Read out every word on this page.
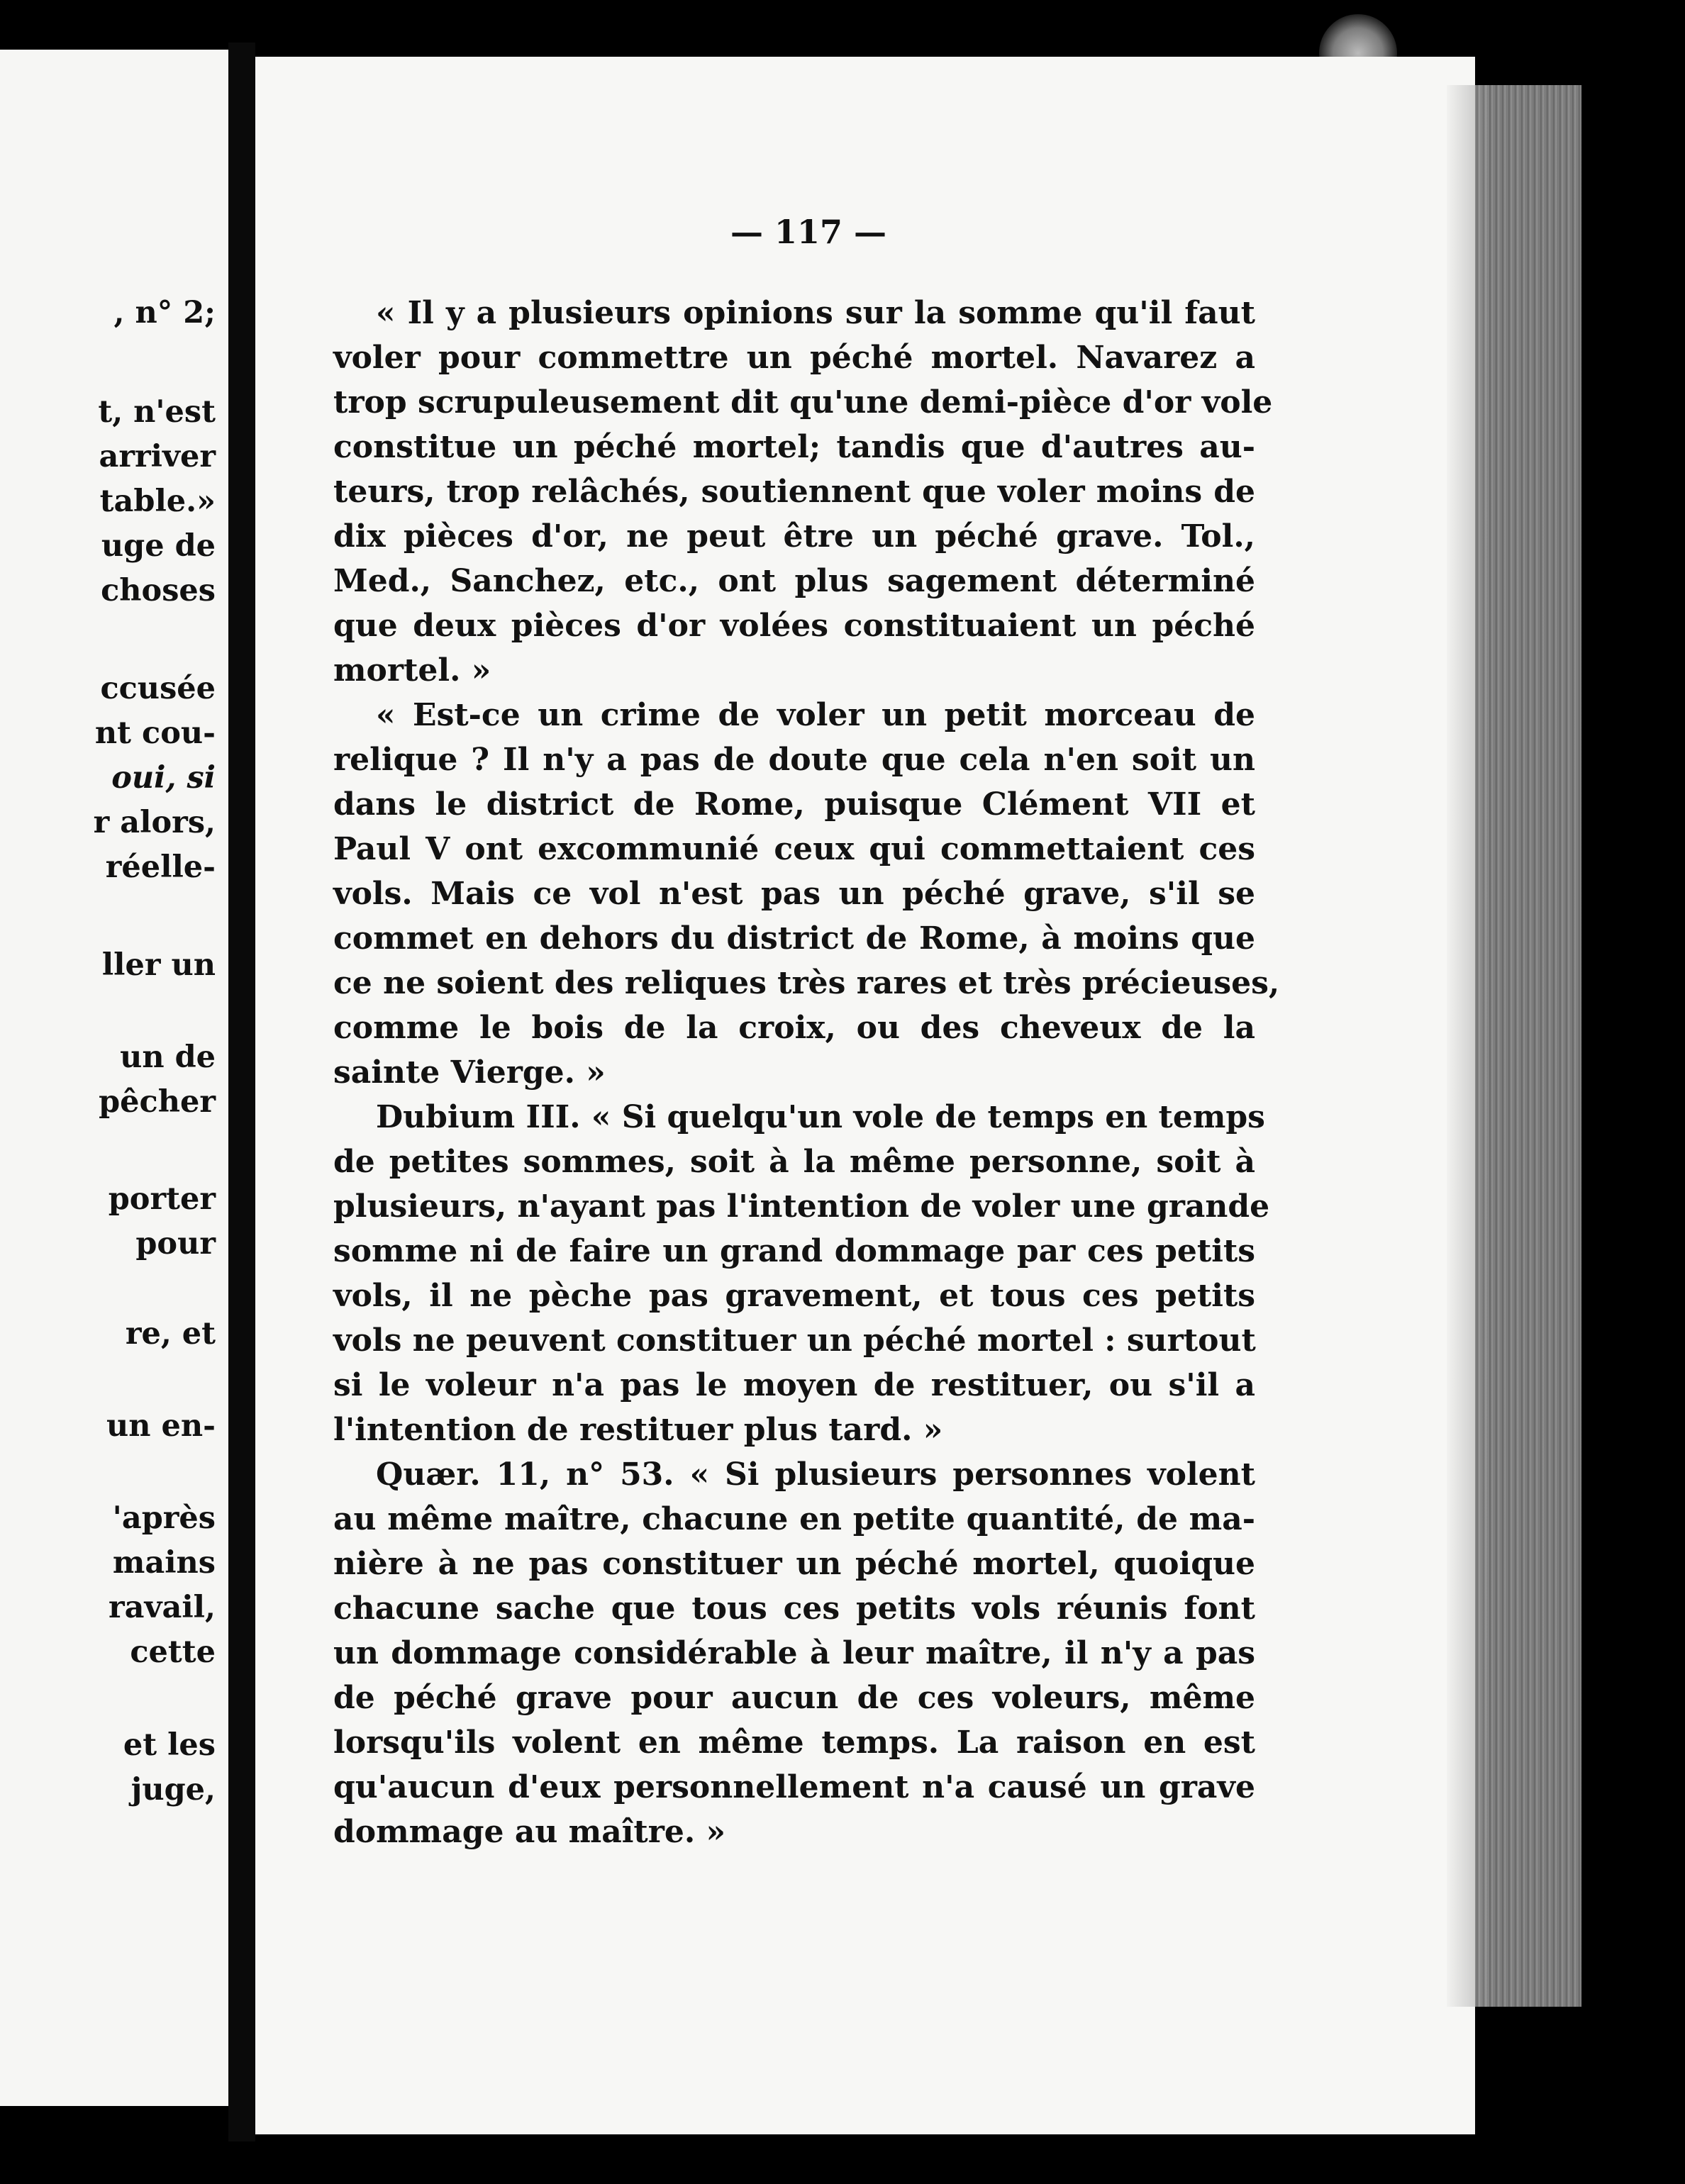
, n° 2;
t, n'est
arriver
table.»
uge de
choses
ccusée
nt cou-
oui, si
r alors,
réelle-
ller un
un de
pêcher
porter
pour
re, et
un en-
'après
mains
ravail,
cette
et les
juge,
— 117 —
« Il y a plusieurs opinions sur la somme qu'il faut
voler pour commettre un péché mortel. Navarez a
trop scrupuleusement dit qu'une demi-pièce d'or vole
constitue un péché mortel; tandis que d'autres au-
teurs, trop relâchés, soutiennent que voler moins de
dix pièces d'or, ne peut être un péché grave. Tol.,
Med., Sanchez, etc., ont plus sagement déterminé
que deux pièces d'or volées constituaient un péché
mortel. »
« Est-ce un crime de voler un petit morceau de
relique ? Il n'y a pas de doute que cela n'en soit un
dans le district de Rome, puisque Clément VII et
Paul V ont excommunié ceux qui commettaient ces
vols. Mais ce vol n'est pas un péché grave, s'il se
commet en dehors du district de Rome, à moins que
ce ne soient des reliques très rares et très précieuses,
comme le bois de la croix, ou des cheveux de la
sainte Vierge. »
Dubium III. « Si quelqu'un vole de temps en temps
de petites sommes, soit à la même personne, soit à
plusieurs, n'ayant pas l'intention de voler une grande
somme ni de faire un grand dommage par ces petits
vols, il ne pèche pas gravement, et tous ces petits
vols ne peuvent constituer un péché mortel : surtout
si le voleur n'a pas le moyen de restituer, ou s'il a
l'intention de restituer plus tard. »
Quær. 11, n° 53. « Si plusieurs personnes volent
au même maître, chacune en petite quantité, de ma-
nière à ne pas constituer un péché mortel, quoique
chacune sache que tous ces petits vols réunis font
un dommage considérable à leur maître, il n'y a pas
de péché grave pour aucun de ces voleurs, même
lorsqu'ils volent en même temps. La raison en est
qu'aucun d'eux personnellement n'a causé un grave
dommage au maître. »
